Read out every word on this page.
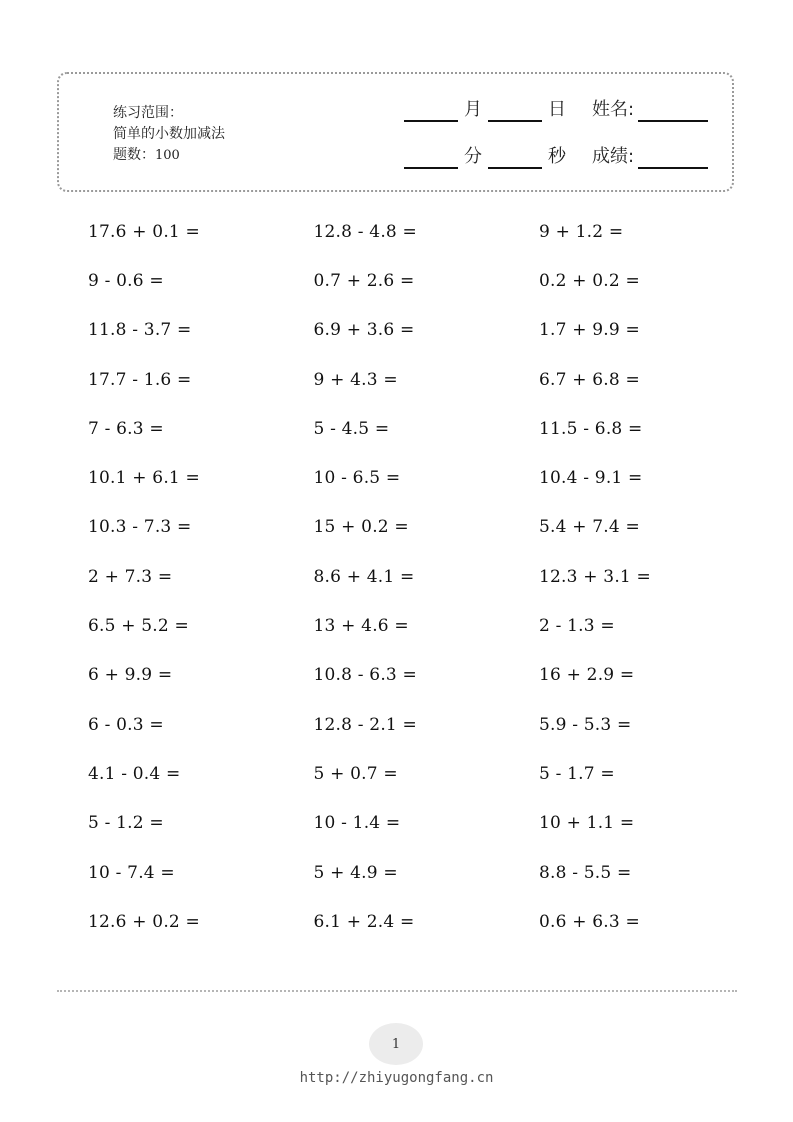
练习范围：
简单的小数加减法
题数：100
月	日 姓名:
分	秒 成绩:
17.6 + 0.1 =	12.8 - 4.8 =	9 + 1.2 =
9 - 0.6 =	0.7 + 2.6 =	0.2 + 0.2 =
11.8 - 3.7 =	6.9 + 3.6 =	1.7 + 9.9 =
17.7 - 1.6 =	9 + 4.3 =	6.7 + 6.8 =
7 - 6.3 =	5 - 4.5 =	11.5 - 6.8 =
10.1 + 6.1 =	10 - 6.5 =	10.4 - 9.1 =
10.3 - 7.3 =	15 + 0.2 =	5.4 + 7.4 =
2 + 7.3 =	8.6 + 4.1 =	12.3 + 3.1 =
6.5 + 5.2 =	13 + 4.6 =	2 - 1.3 =
6 + 9.9 =	10.8 - 6.3 =	16 + 2.9 =
6 - 0.3 =	12.8 - 2.1 =	5.9 - 5.3 =
4.1 - 0.4 =	5 + 0.7 =	5 - 1.7 =
5 - 1.2 =	10 - 1.4 =	10 + 1.1 =
10 - 7.4 =	5 + 4.9 =	8.8 - 5.5 =
12.6 + 0.2 =	6.1 + 2.4 =	0.6 + 6.3 =
1
http://zhiyugongfang.cn
